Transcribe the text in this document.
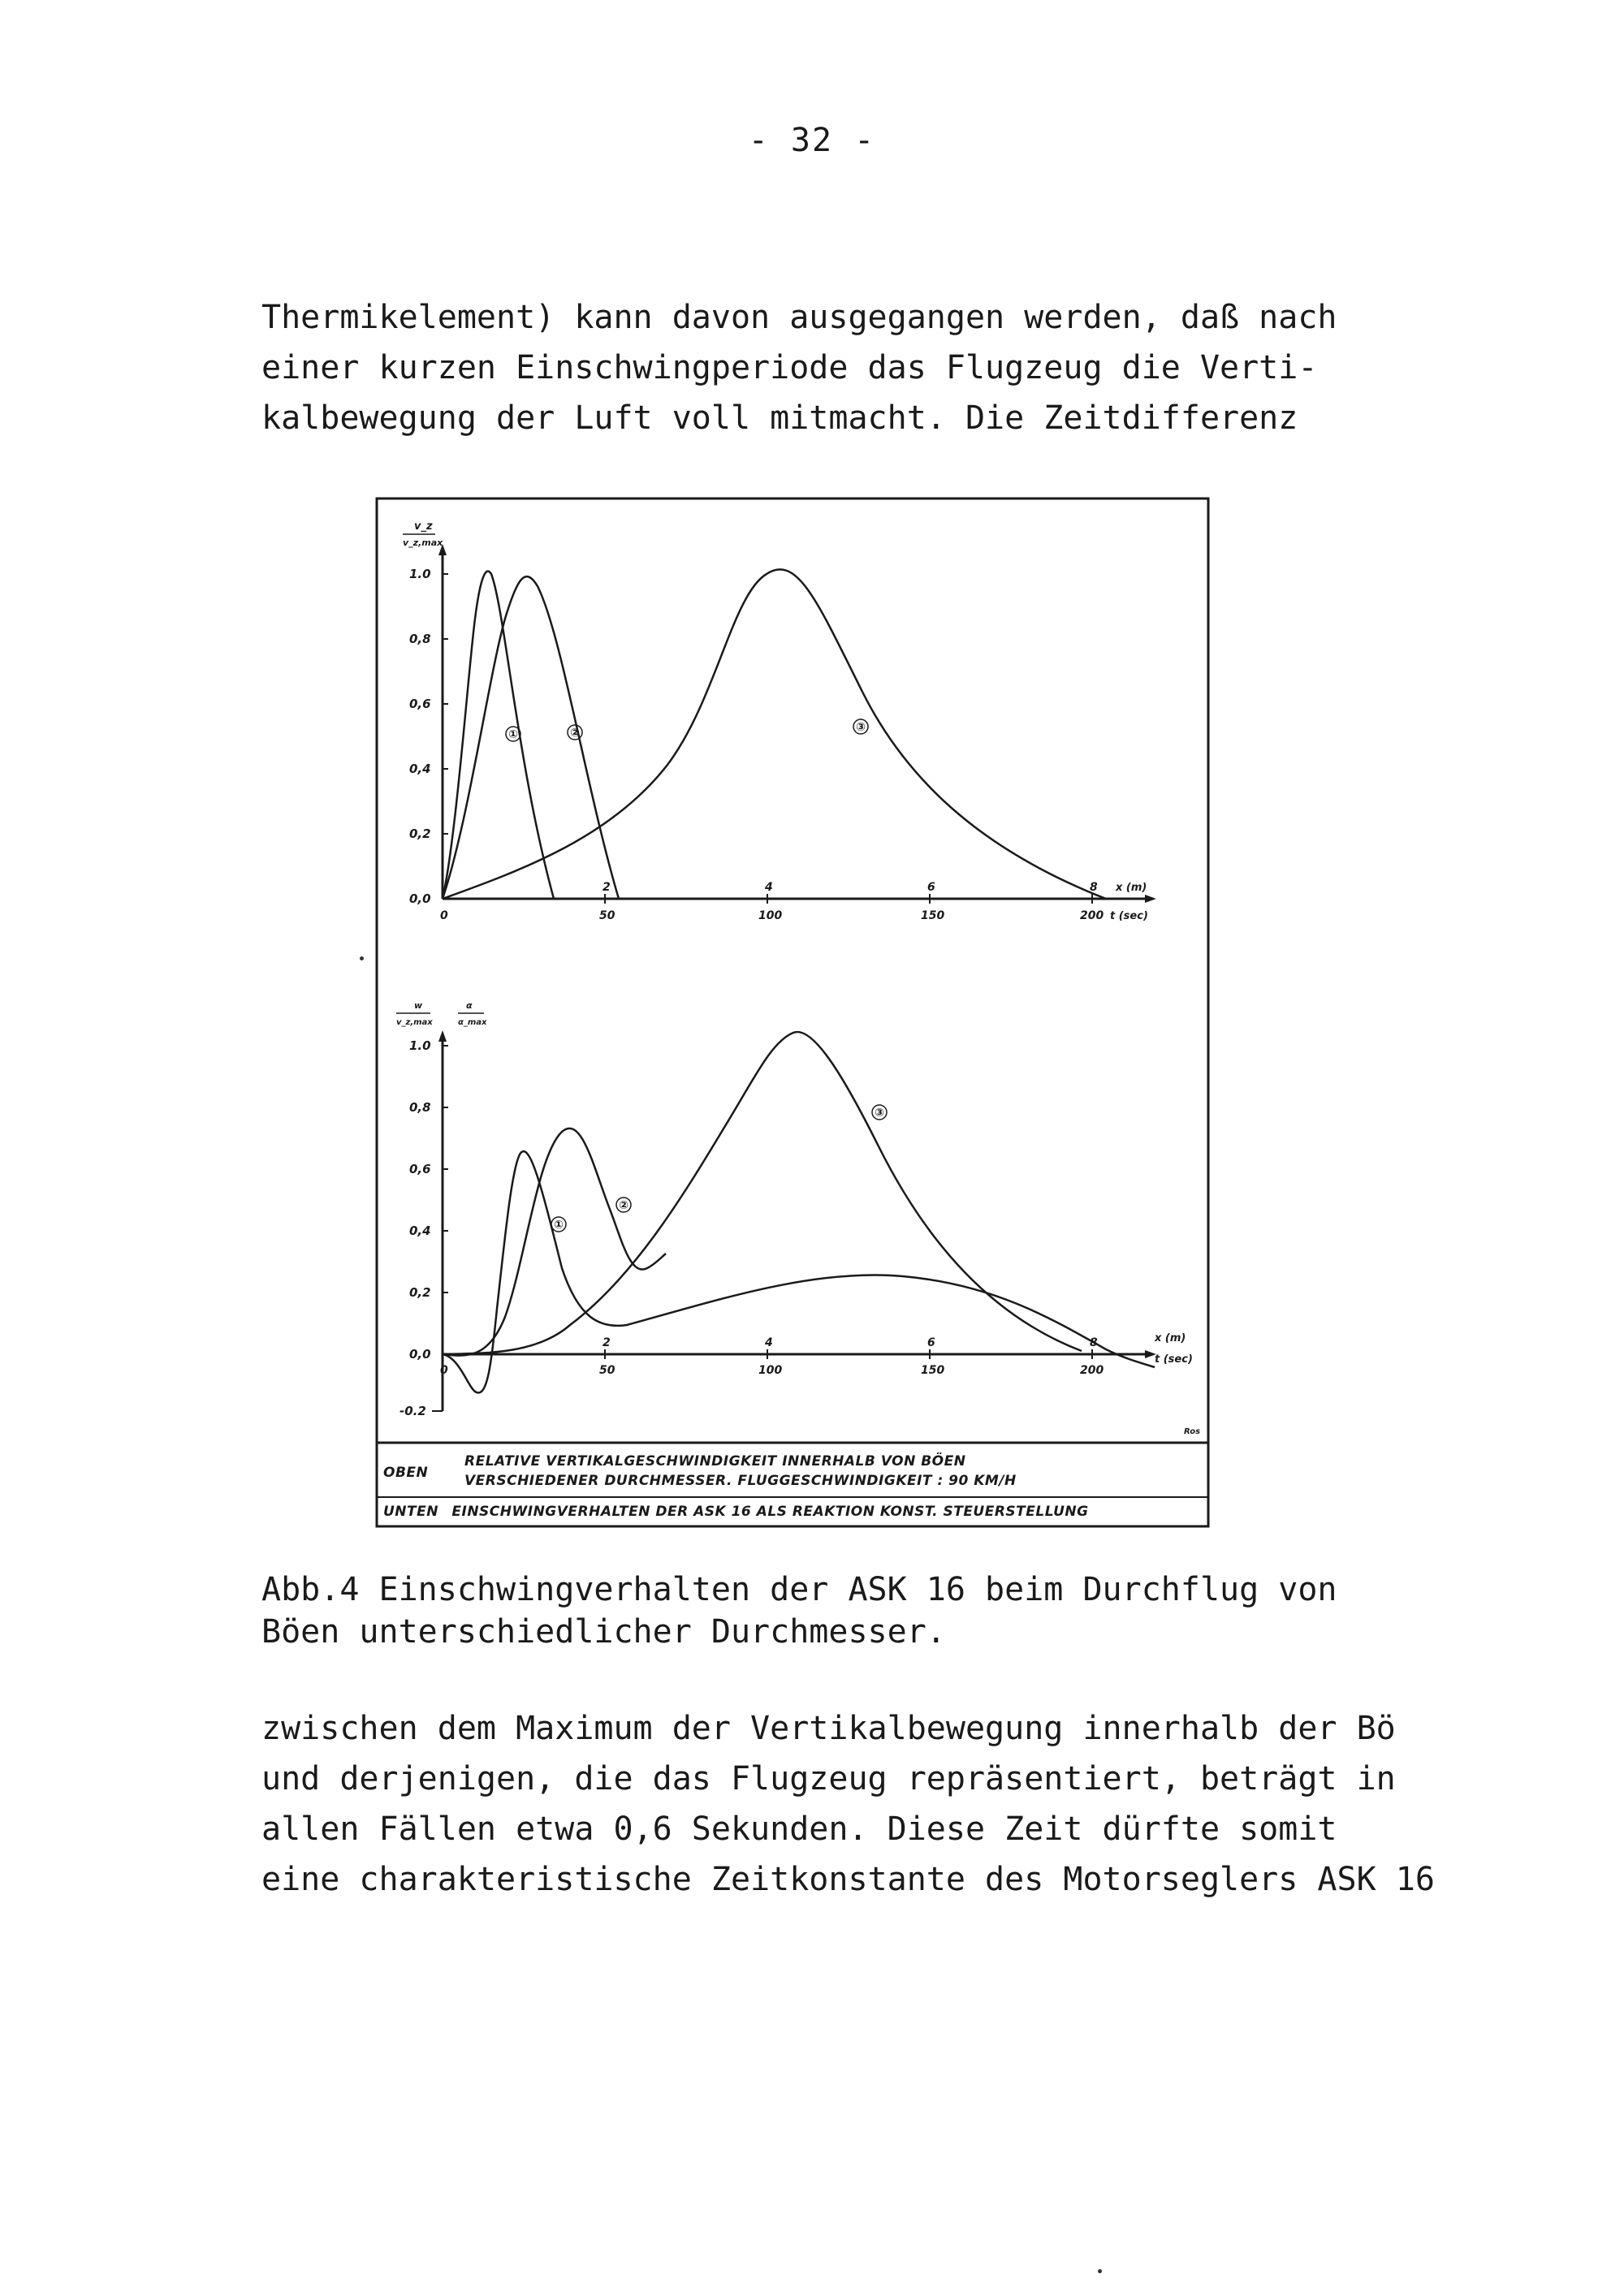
- 32 -
Thermikelement) kann davon ausgegangen werden, daß nach
einer kurzen Einschwingperiode das Flugzeug die Verti-
kalbewegung der Luft voll mitmacht. Die Zeitdifferenz
v_z
v_z,max
1.0
0,8
0,6
0,4
0,2
0,0
2	4	6	8 x (m)
0	50	100	150	200 t (sec)
①	②	③
w
v_z,max
α
α_max
1.0
0,8
0,6
0,4
0,2
0,0
-0.2
2	4	6	8	x (m)
0	50	100	150	200
t (sec)
①
②
③
Ros
OBEN
RELATIVE VERTIKALGESCHWINDIGKEIT INNERHALB VON BÖEN
VERSCHIEDENER DURCHMESSER. FLUGGESCHWINDIGKEIT : 90 KM/H
UNTEN EINSCHWINGVERHALTEN DER ASK 16 ALS REAKTION KONST. STEUERSTELLUNG
Abb.4 Einschwingverhalten der ASK 16 beim Durchflug von
Böen unterschiedlicher Durchmesser.
zwischen dem Maximum der Vertikalbewegung innerhalb der Bö
und derjenigen, die das Flugzeug repräsentiert, beträgt in
allen Fällen etwa 0,6 Sekunden. Diese Zeit dürfte somit
eine charakteristische Zeitkonstante des Motorseglers ASK 16
